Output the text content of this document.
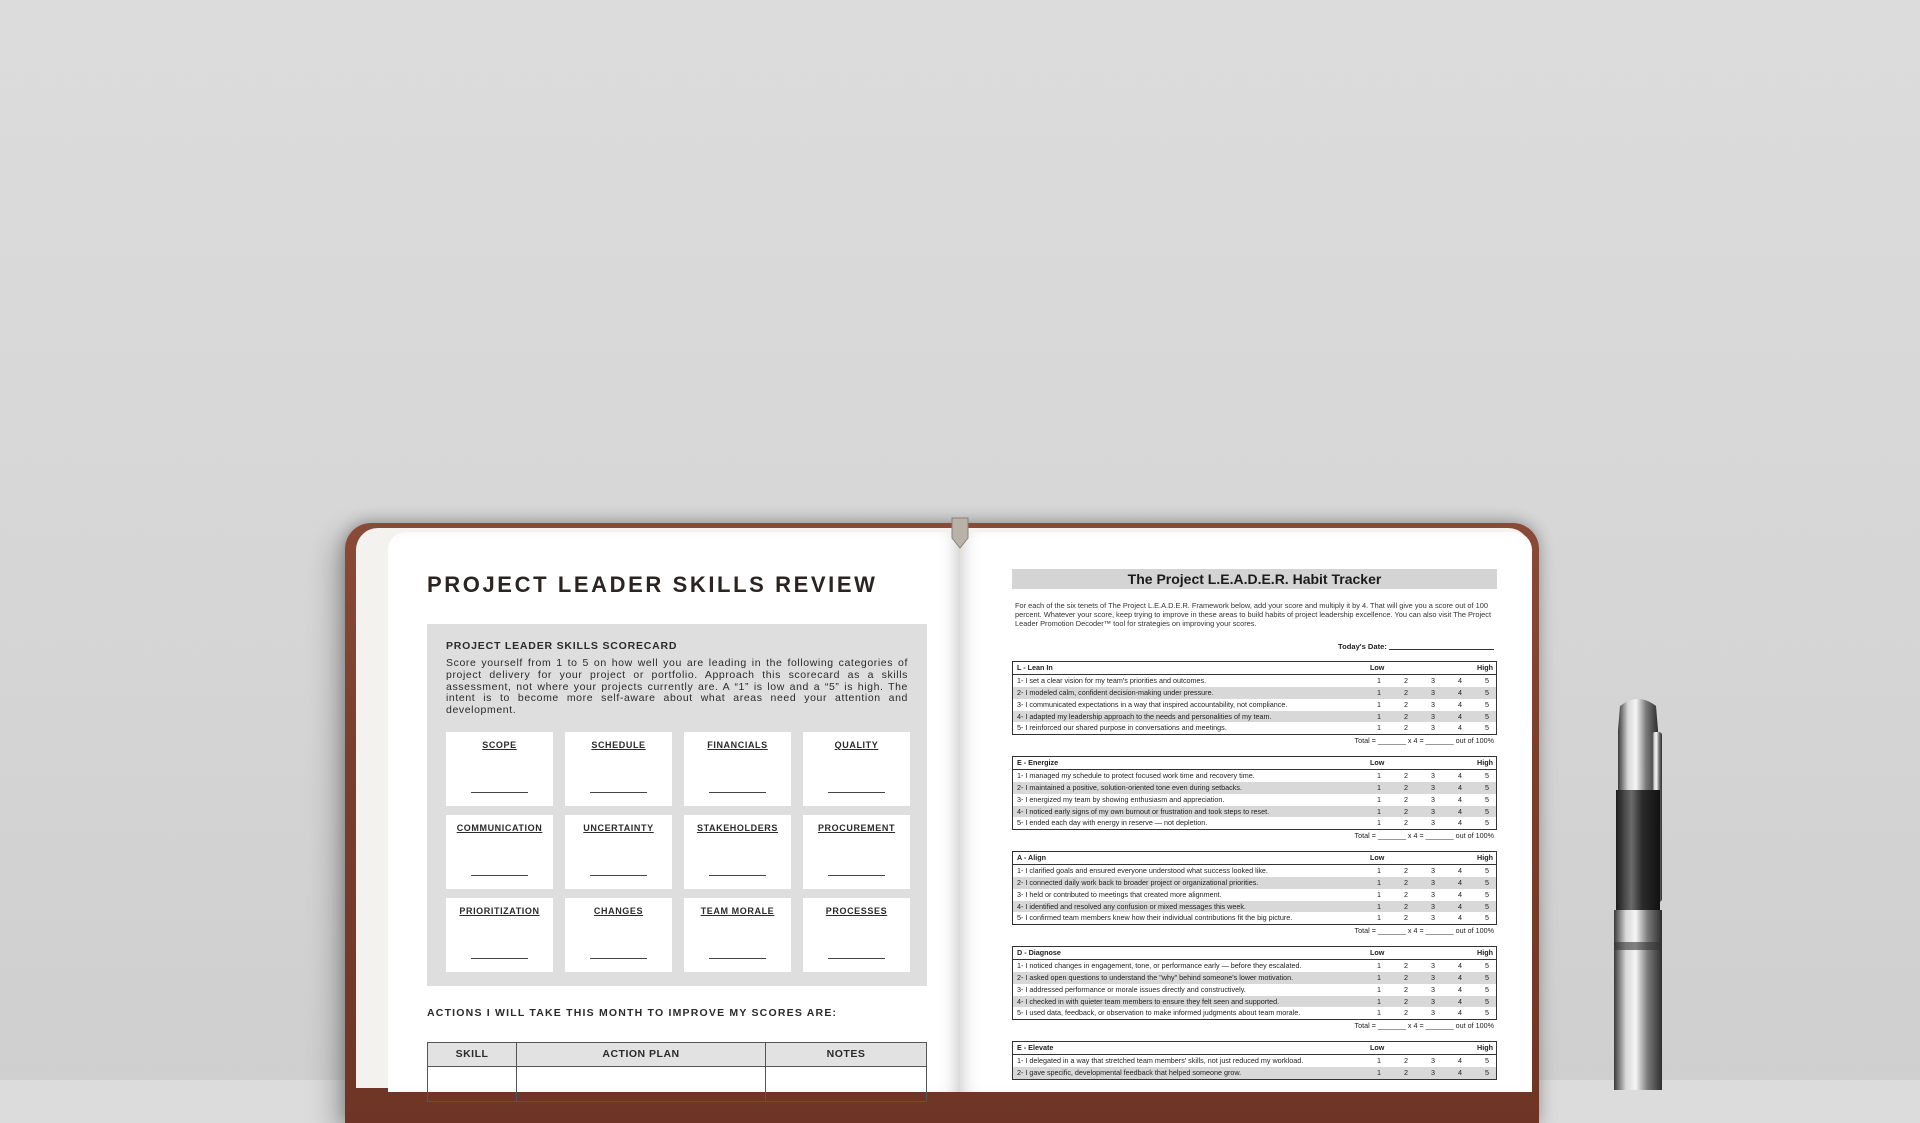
PROJECT LEADER SKILLS REVIEW
PROJECT LEADER SKILLS SCORECARD
Score yourself from 1 to 5 on how well you are leading in the following categories of project delivery for your project or portfolio. Approach this scorecard as a skills assessment, not where your projects currently are. A “1” is low and a “5” is high. The intent is to become more self-aware about what areas need your attention and development.
SCOPE	SCHEDULE	FINANCIALS	QUALITY
COMMUNICATION	UNCERTAINTY	STAKEHOLDERS	PROCUREMENT
PRIORITIZATION	CHANGES	TEAM MORALE	PROCESSES
ACTIONS I WILL TAKE THIS MONTH TO IMPROVE MY SCORES ARE:
SKILL	ACTION PLAN	NOTES
The Project L.E.A.D.E.R. Habit Tracker
For each of the six tenets of The Project L.E.A.D.E.R. Framework below, add your score and multiply it by 4. That will give you a score out of 100 percent. Whatever your score, keep trying to improve in these areas to build habits of project leadership excellence. You can also visit The Project Leader Promotion Decoder™ tool for strategies on improving your scores.
Today's Date:
L - Lean In	Low	High
1- I set a clear vision for my team's priorities and outcomes.	1	2	3	4	5
2- I modeled calm, confident decision-making under pressure.	1	2	3	4	5
3- I communicated expectations in a way that inspired accountability, not compliance.	1	2	3	4	5
4- I adapted my leadership approach to the needs and personalities of my team.	1	2	3	4	5
5- I reinforced our shared purpose in conversations and meetings.	1	2	3	4	5
Total = _______ x 4 = _______ out of 100%
E - Energize	Low	High
1- I managed my schedule to protect focused work time and recovery time.	1	2	3	4	5
2- I maintained a positive, solution-oriented tone even during setbacks.	1	2	3	4	5
3- I energized my team by showing enthusiasm and appreciation.	1	2	3	4	5
4- I noticed early signs of my own burnout or frustration and took steps to reset.	1	2	3	4	5
5- I ended each day with energy in reserve — not depletion.	1	2	3	4	5
Total = _______ x 4 = _______ out of 100%
A - Align	Low	High
1- I clarified goals and ensured everyone understood what success looked like.	1	2	3	4	5
2- I connected daily work back to broader project or organizational priorities.	1	2	3	4	5
3- I held or contributed to meetings that created more alignment.	1	2	3	4	5
4- I identified and resolved any confusion or mixed messages this week.	1	2	3	4	5
5- I confirmed team members knew how their individual contributions fit the big picture.	1	2	3	4	5
Total = _______ x 4 = _______ out of 100%
D - Diagnose	Low	High
1- I noticed changes in engagement, tone, or performance early — before they escalated.	1	2	3	4	5
2- I asked open questions to understand the "why" behind someone's lower motivation.	1	2	3	4	5
3- I addressed performance or morale issues directly and constructively.	1	2	3	4	5
4- I checked in with quieter team members to ensure they felt seen and supported.	1	2	3	4	5
5- I used data, feedback, or observation to make informed judgments about team morale.	1	2	3	4	5
Total = _______ x 4 = _______ out of 100%
E - Elevate	Low	High
1- I delegated in a way that stretched team members' skills, not just reduced my workload.	1	2	3	4	5
2- I gave specific, developmental feedback that helped someone grow.	1	2	3	4	5
